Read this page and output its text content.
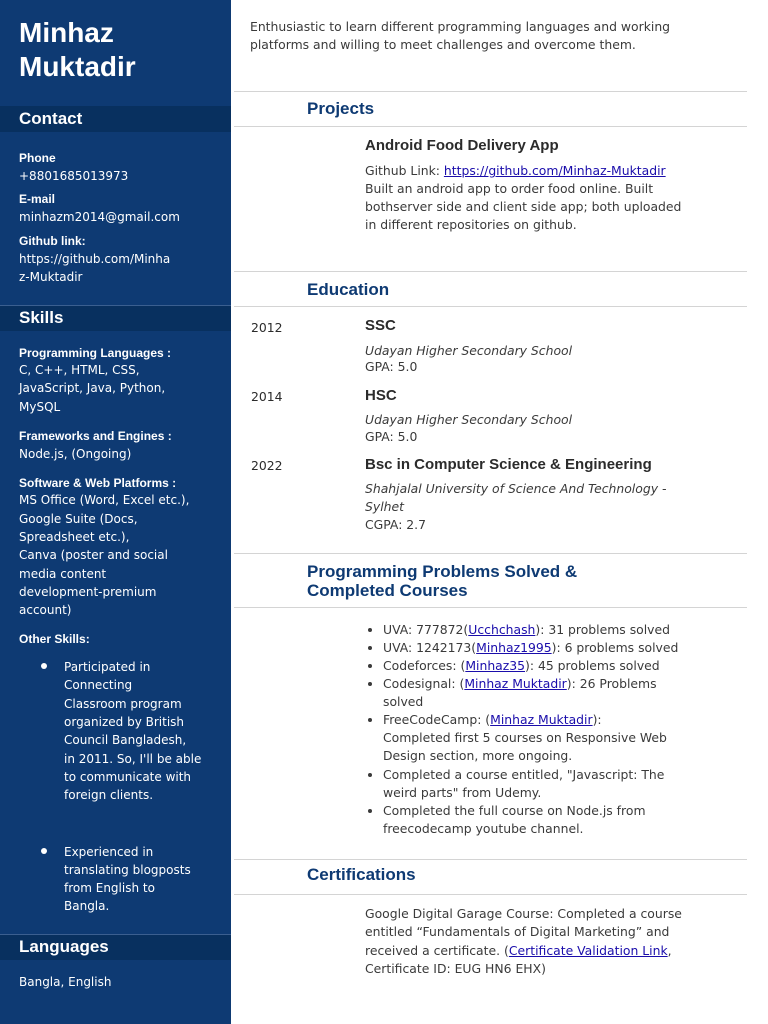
Minhaz
Muktadir
Contact
Phone
+8801685013973
E-mail
minhazm2014@gmail.com
Github link:
https://github.com/Minha
z-Muktadir
Skills
Programming Languages :
C, C++, HTML, CSS,
JavaScript, Java, Python,
MySQL
Frameworks and Engines :
Node.js, (Ongoing)
Software & Web Platforms :
MS Office (Word, Excel etc.),
Google Suite (Docs,
Spreadsheet etc.),
Canva (poster and social
media content
development-premium
account)
Other Skills:
Participated in
Connecting
Classroom program
organized by British
Council Bangladesh,
in 2011. So, I'll be able
to communicate with
foreign clients.
Experienced in
translating blogposts
from English to
Bangla.
Languages
Bangla, English
Enthusiastic to learn different programming languages and working
platforms and willing to meet challenges and overcome them.
Projects
Android Food Delivery App
Github Link: https://github.com/Minhaz-Muktadir
Built an android app to order food online. Built
bothserver side and client side app; both uploaded
in different repositories on github.
Education
2012	SSC
Udayan Higher Secondary School
GPA: 5.0
2014	HSC
Udayan Higher Secondary School
GPA: 5.0
2022	Bsc in Computer Science & Engineering
Shahjalal University of Science And Technology -
Sylhet
CGPA: 2.7
Programming Problems Solved &
Completed Courses
UVA: 777872(Ucchchash): 31 problems solved
UVA: 1242173(Minhaz1995): 6 problems solved
Codeforces: (Minhaz35): 45 problems solved
Codesignal: (Minhaz Muktadir): 26 Problems
solved
FreeCodeCamp: (Minhaz Muktadir):
Completed first 5 courses on Responsive Web
Design section, more ongoing.
Completed a course entitled, "Javascript: The
weird parts" from Udemy.
Completed the full course on Node.js from
freecodecamp youtube channel.
Certifications
Google Digital Garage Course: Completed a course
entitled “Fundamentals of Digital Marketing” and
received a certificate. (Certificate Validation Link,
Certificate ID: EUG HN6 EHX)
